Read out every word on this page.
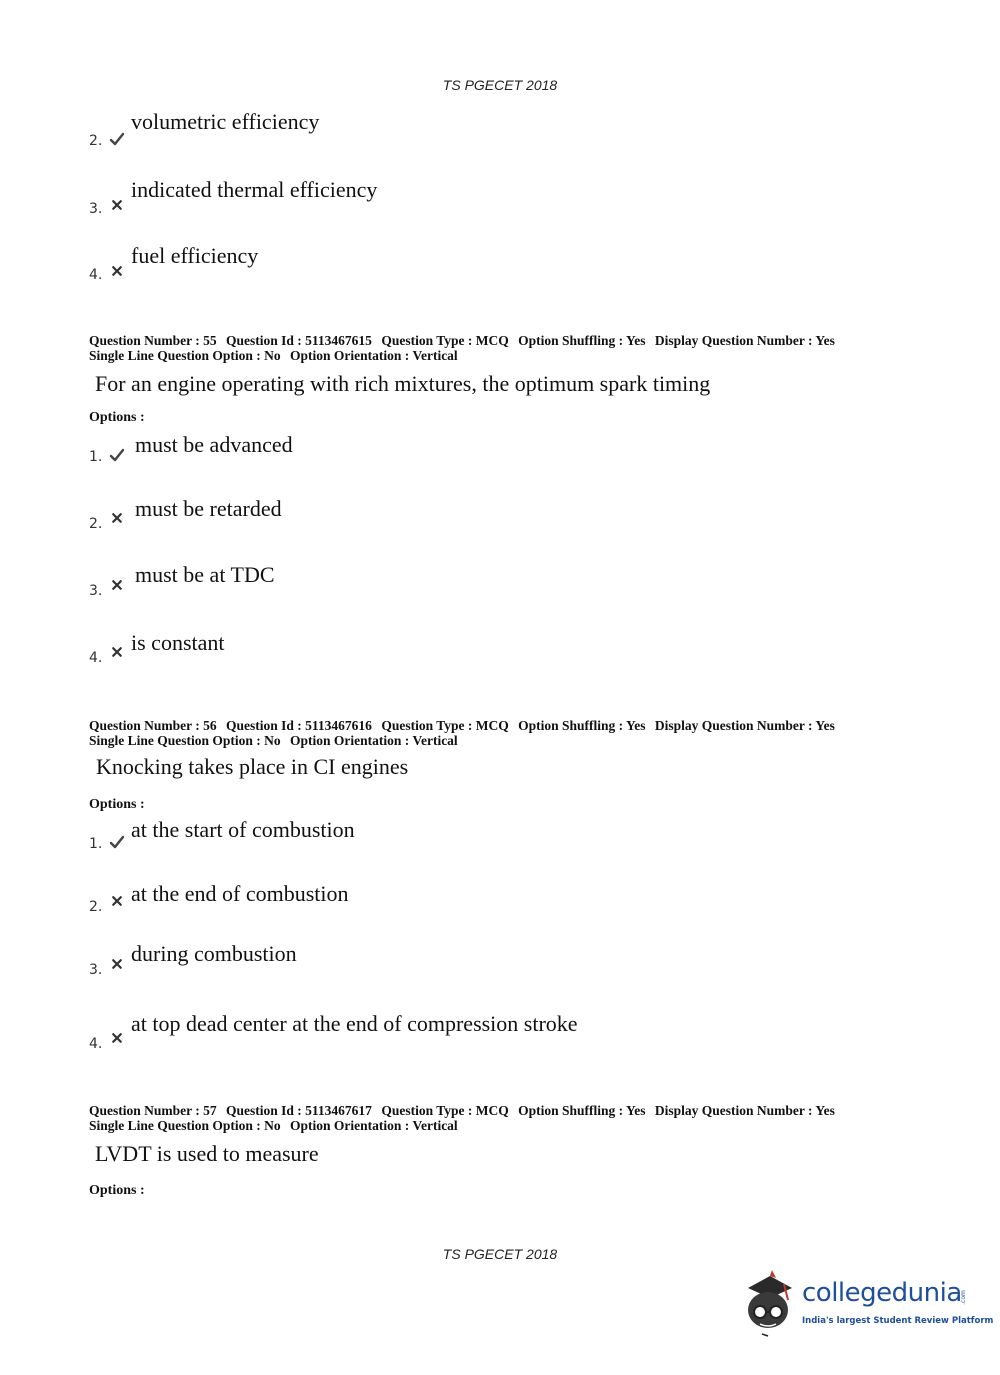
TS PGECET 2018
2.
volumetric efficiency
3.
indicated thermal efficiency
4.
fuel efficiency
Question Number : 55 Question Id : 5113467615 Question Type : MCQ Option Shuffling : Yes Display Question Number : Yes
Single Line Question Option : No Option Orientation : Vertical
For an engine operating with rich mixtures, the optimum spark timing
Options :
1. must be advanced
2.
must be retarded
3.
must be at TDC
4.
is constant
Question Number : 56 Question Id : 5113467616 Question Type : MCQ Option Shuffling : Yes Display Question Number : Yes
Single Line Question Option : No Option Orientation : Vertical
Knocking takes place in CI engines
Options :
1.
at the start of combustion
2.
at the end of combustion
3.
during combustion
4.
at top dead center at the end of compression stroke
Question Number : 57 Question Id : 5113467617 Question Type : MCQ Option Shuffling : Yes Display Question Number : Yes
Single Line Question Option : No Option Orientation : Vertical
LVDT is used to measure
Options :
TS PGECET 2018
collegedunia
.com
India's largest Student Review Platform
